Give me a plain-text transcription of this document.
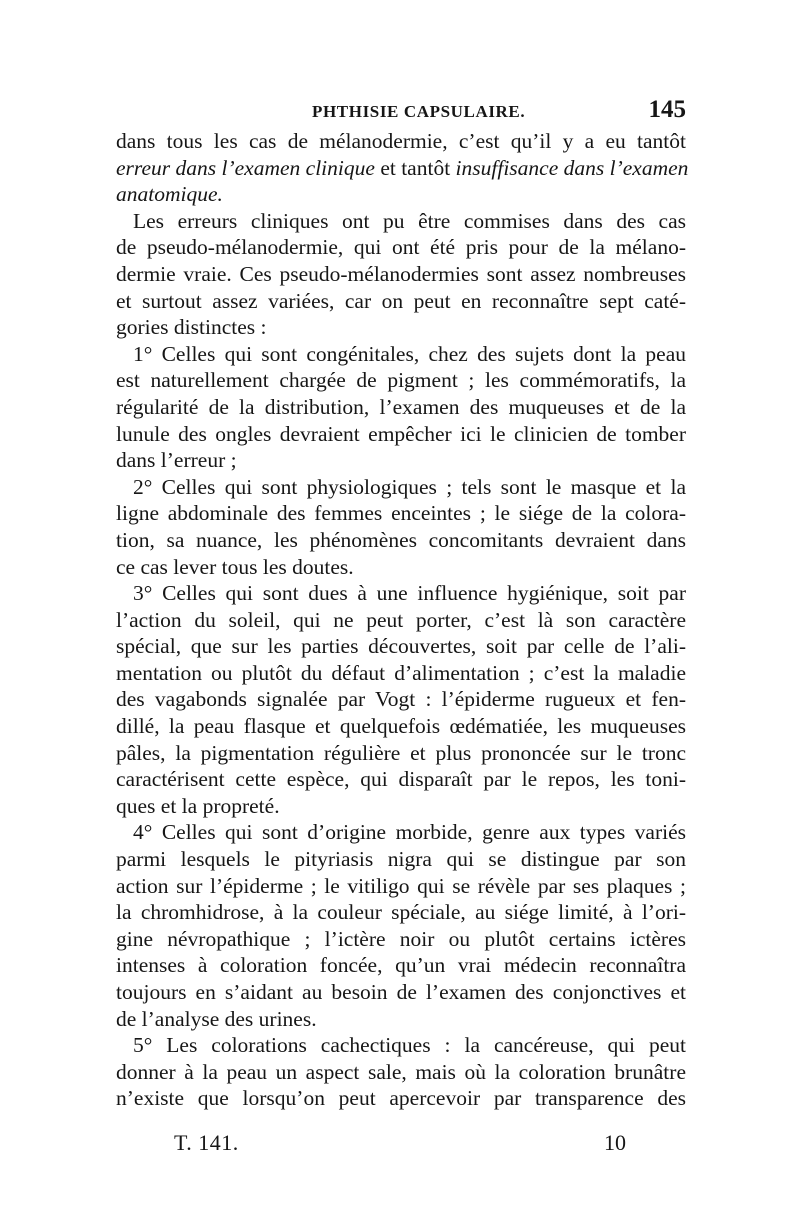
PHTHISIE CAPSULAIRE.	145
dans tous les cas de mélanodermie, c’est qu’il y a eu tantôt
erreur dans l’examen clinique et tantôt insuffisance dans l’examen
anatomique.
Les erreurs cliniques ont pu être commises dans des cas
de pseudo-mélanodermie, qui ont été pris pour de la mélano-
dermie vraie. Ces pseudo-mélanodermies sont assez nombreuses
et surtout assez variées, car on peut en reconnaître sept caté-
gories distinctes :
1° Celles qui sont congénitales, chez des sujets dont la peau
est naturellement chargée de pigment ; les commémoratifs, la
régularité de la distribution, l’examen des muqueuses et de la
lunule des ongles devraient empêcher ici le clinicien de tomber
dans l’erreur ;
2° Celles qui sont physiologiques ; tels sont le masque et la
ligne abdominale des femmes enceintes ; le siége de la colora-
tion, sa nuance, les phénomènes concomitants devraient dans
ce cas lever tous les doutes.
3° Celles qui sont dues à une influence hygiénique, soit par
l’action du soleil, qui ne peut porter, c’est là son caractère
spécial, que sur les parties découvertes, soit par celle de l’ali-
mentation ou plutôt du défaut d’alimentation ; c’est la maladie
des vagabonds signalée par Vogt : l’épiderme rugueux et fen-
dillé, la peau flasque et quelquefois œdématiée, les muqueuses
pâles, la pigmentation régulière et plus prononcée sur le tronc
caractérisent cette espèce, qui disparaît par le repos, les toni-
ques et la propreté.
4° Celles qui sont d’origine morbide, genre aux types variés
parmi lesquels le pityriasis nigra qui se distingue par son
action sur l’épiderme ; le vitiligo qui se révèle par ses plaques ;
la chromhidrose, à la couleur spéciale, au siége limité, à l’ori-
gine névropathique ; l’ictère noir ou plutôt certains ictères
intenses à coloration foncée, qu’un vrai médecin reconnaîtra
toujours en s’aidant au besoin de l’examen des conjonctives et
de l’analyse des urines.
5° Les colorations cachectiques : la cancéreuse, qui peut
donner à la peau un aspect sale, mais où la coloration brunâtre
n’existe que lorsqu’on peut apercevoir par transparence des
T. 141.	10
